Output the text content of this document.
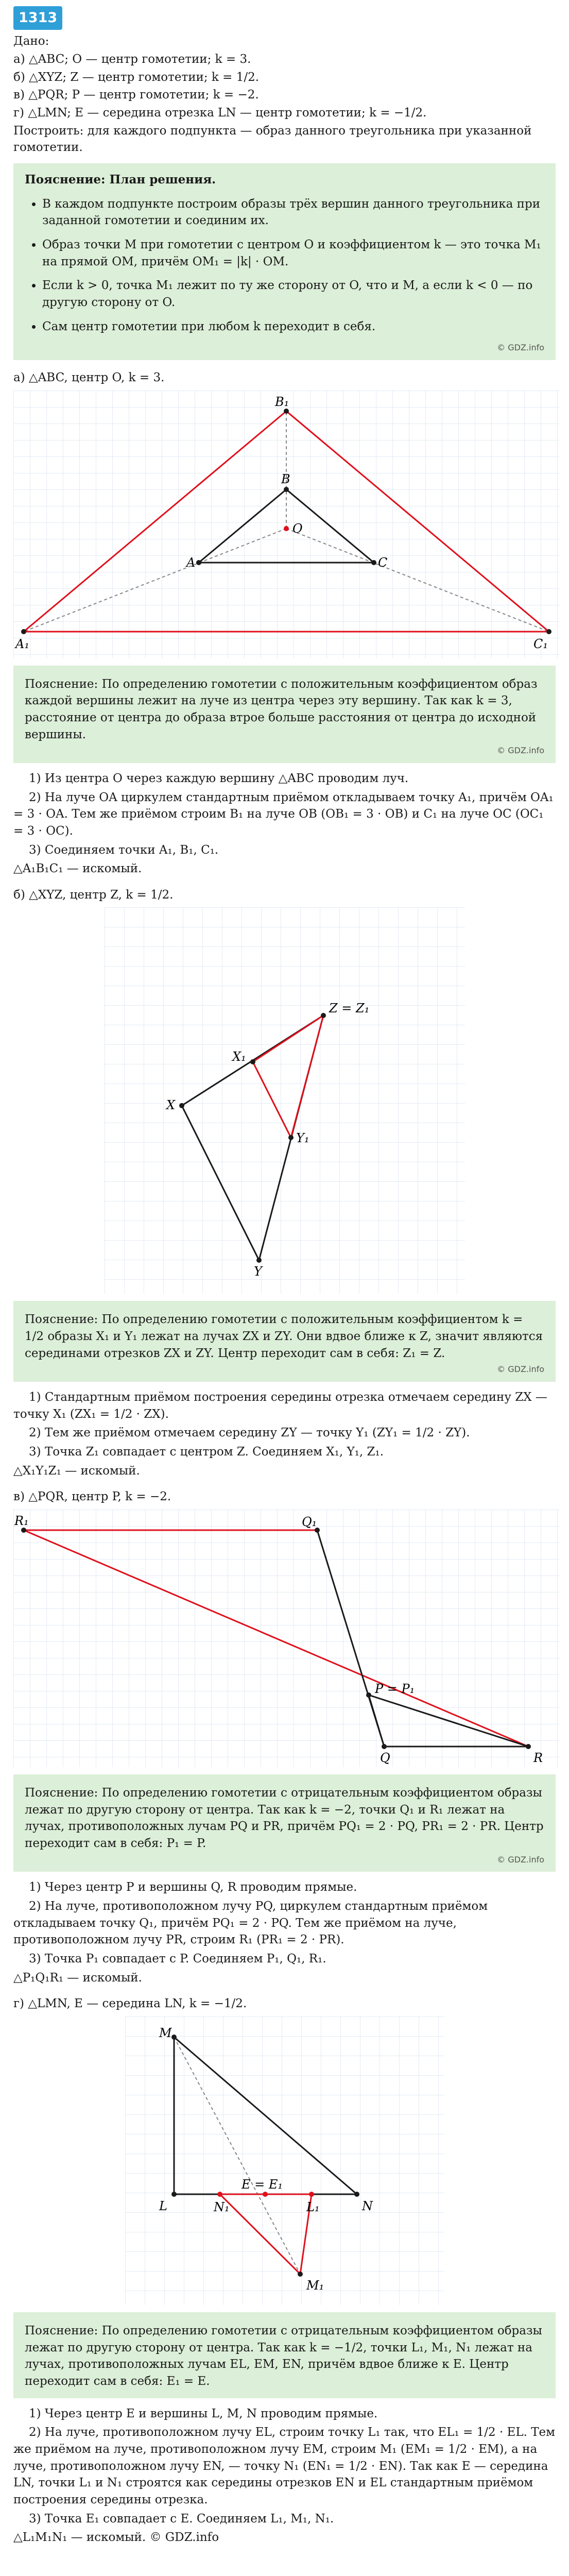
1313

Дано:

а) △ABC; O — центр гомотетии; k = 3.

б) △XYZ; Z — центр гомотетии; k = 1/2.

в) △PQR; P — центр гомотетии; k = −2.

г) △LMN; E — середина отрезка LN — центр гомотетии; k = −1/2.

Построить: для каждого подпункта — образ данного треугольника при указанной гомотетии.

Пояснение: План решения.
• В каждом подпункте построим образы трёх вершин данного треугольника при заданной гомотетии и соединим их.
• Образ точки M при гомотетии с центром O и коэффициентом k — это точка M₁ на прямой OM, причём OM₁ = |k| · OM.
• Если k > 0, точка M₁ лежит по ту же сторону от O, что и M, а если k < 0 — по другую сторону от O.
• Сам центр гомотетии при любом k переходит в себя.
© GDZ.info

а) △ABC, центр O, k = 3.

B₁
A₁	C₁
B
A	C
O

Пояснение: По определению гомотетии с положительным коэффициентом образ каждой вершины лежит на луче из центра через эту вершину. Так как k = 3, расстояние от центра до образа втрое больше расстояния от центра до исходной вершины.

© GDZ.info

1) Из центра O через каждую вершину △ABC проводим луч.

2) На луче OA циркулем стандартным приёмом откладываем точку A₁, причём OA₁ = 3 · OA. Тем же приёмом строим B₁ на луче OB (OB₁ = 3 · OB) и C₁ на луче OC (OC₁ = 3 · OC).

3) Соединяем точки A₁, B₁, C₁.

△A₁B₁C₁ — искомый.

б) △XYZ, центр Z, k = 1/2.

X
Z = Z₁
Y
X₁
Y₁

Пояснение: По определению гомотетии с положительным коэффициентом k = 1/2 образы X₁ и Y₁ лежат на лучах ZX и ZY. Они вдвое ближе к Z, значит являются серединами отрезков ZX и ZY. Центр переходит сам в себя: Z₁ = Z.

© GDZ.info

1) Стандартным приёмом построения середины отрезка отмечаем середину ZX — точку X₁ (ZX₁ = 1/2 · ZX).

2) Тем же приёмом отмечаем середину ZY — точку Y₁ (ZY₁ = 1/2 · ZY).

3) Точка Z₁ совпадает с центром Z. Соединяем X₁, Y₁, Z₁.

△X₁Y₁Z₁ — искомый.

в) △PQR, центр P, k = −2.

R₁	Q₁
P = P₁
Q	R

Пояснение: По определению гомотетии с отрицательным коэффициентом образы лежат по другую сторону от центра. Так как k = −2, точки Q₁ и R₁ лежат на лучах, противоположных лучам PQ и PR, причём PQ₁ = 2 · PQ, PR₁ = 2 · PR. Центр переходит сам в себя: P₁ = P.

© GDZ.info

1) Через центр P и вершины Q, R проводим прямые.

2) На луче, противоположном лучу PQ, циркулем стандартным приёмом откладываем точку Q₁, причём PQ₁ = 2 · PQ. Тем же приёмом на луче, противоположном лучу PR, строим R₁ (PR₁ = 2 · PR).

3) Точка P₁ совпадает с P. Соединяем P₁, Q₁, R₁.

△P₁Q₁R₁ — искомый.

г) △LMN, E — середина LN, k = −1/2.

M
L	N₁
E = E₁
L₁	N
M₁

Пояснение: По определению гомотетии с отрицательным коэффициентом образы лежат по другую сторону от центра. Так как k = −1/2, точки L₁, M₁, N₁ лежат на лучах, противоположных лучам EL, EM, EN, причём вдвое ближе к E. Центр переходит сам в себя: E₁ = E.

1) Через центр E и вершины L, M, N проводим прямые.

2) На луче, противоположном лучу EL, строим точку L₁ так, что EL₁ = 1/2 · EL. Тем же приёмом на луче, противоположном лучу EM, строим M₁ (EM₁ = 1/2 · EM), а на луче, противоположном лучу EN, — точку N₁ (EN₁ = 1/2 · EN). Так как E — середина LN, точки L₁ и N₁ строятся как середины отрезков EN и EL стандартным приёмом построения середины отрезка.

3) Точка E₁ совпадает с E. Соединяем L₁, M₁, N₁.

△L₁M₁N₁ — искомый. © GDZ.info
